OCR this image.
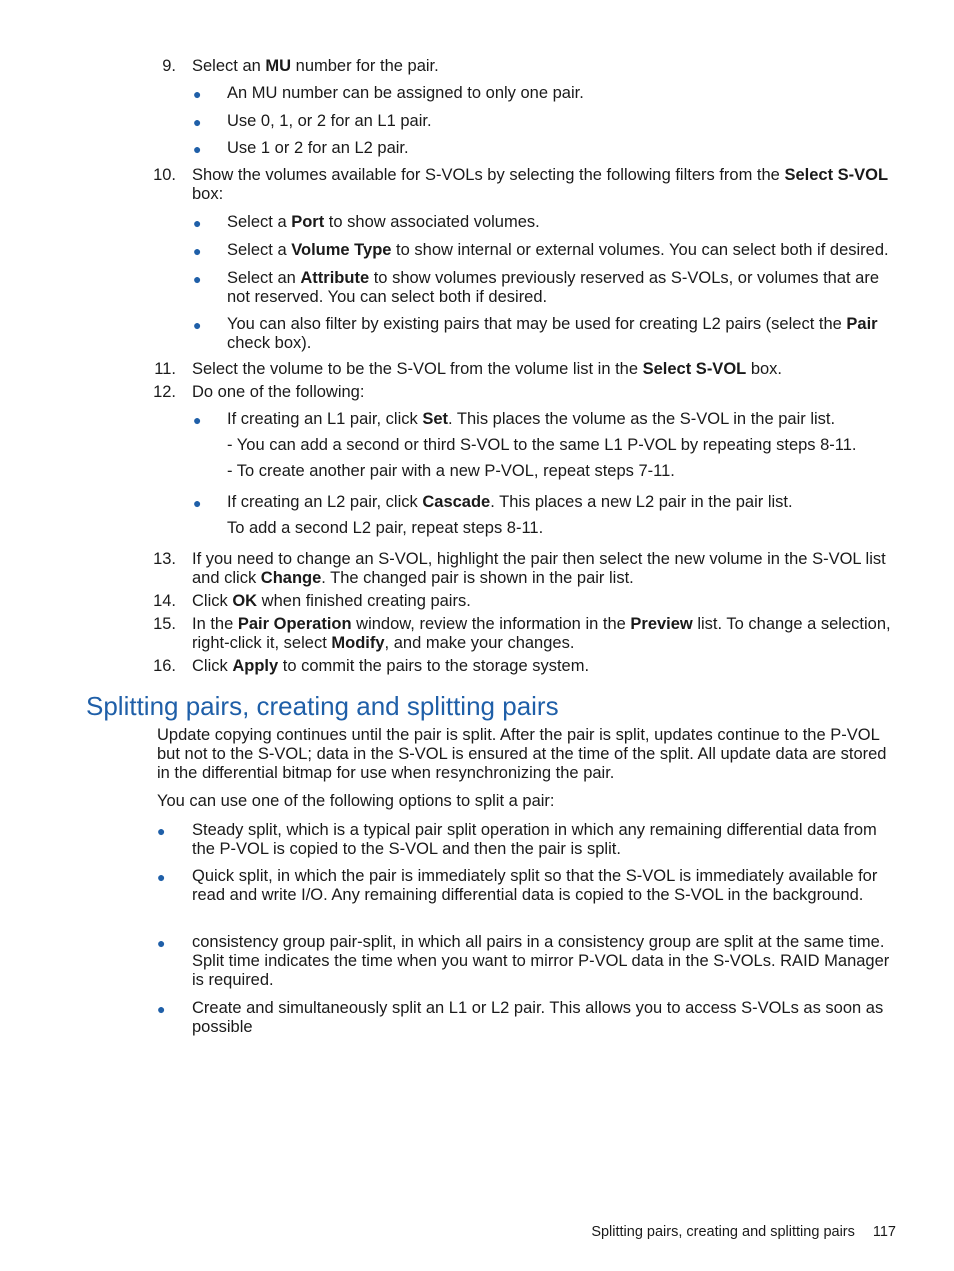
9. Select an MU number for the pair.
● An MU number can be assigned to only one pair.
● Use 0, 1, or 2 for an L1 pair.
● Use 1 or 2 for an L2 pair.
10. Show the volumes available for S-VOLs by selecting the following filters from the Select S-VOL box:
● Select a Port to show associated volumes.
● Select a Volume Type to show internal or external volumes. You can select both if desired.
● Select an Attribute to show volumes previously reserved as S-VOLs, or volumes that are not reserved. You can select both if desired.
● You can also filter by existing pairs that may be used for creating L2 pairs (select the Pair check box).
11. Select the volume to be the S-VOL from the volume list in the Select S-VOL box.
12. Do one of the following:
● If creating an L1 pair, click Set. This places the volume as the S-VOL in the pair list.
- You can add a second or third S-VOL to the same L1 P-VOL by repeating steps 8-11.
- To create another pair with a new P-VOL, repeat steps 7-11.
● If creating an L2 pair, click Cascade. This places a new L2 pair in the pair list.
To add a second L2 pair, repeat steps 8-11.
13. If you need to change an S-VOL, highlight the pair then select the new volume in the S-VOL list and click Change. The changed pair is shown in the pair list.
14. Click OK when finished creating pairs.
15. In the Pair Operation window, review the information in the Preview list. To change a selection, right-click it, select Modify, and make your changes.
16. Click Apply to commit the pairs to the storage system.
Splitting pairs, creating and splitting pairs

Update copying continues until the pair is split. After the pair is split, updates continue to the P-VOL but not to the S-VOL; data in the S-VOL is ensured at the time of the split. All update data are stored in the differential bitmap for use when resynchronizing the pair.

You can use one of the following options to split a pair:

● Steady split, which is a typical pair split operation in which any remaining differential data from the P-VOL is copied to the S-VOL and then the pair is split.
● Quick split, in which the pair is immediately split so that the S-VOL is immediately available for read and write I/O. Any remaining differential data is copied to the S-VOL in the background.
● consistency group pair-split, in which all pairs in a consistency group are split at the same time. Split time indicates the time when you want to mirror P-VOL data in the S-VOLs. RAID Manager is required.
● Create and simultaneously split an L1 or L2 pair. This allows you to access S-VOLs as soon as possible
Splitting pairs, creating and splitting pairs 117
